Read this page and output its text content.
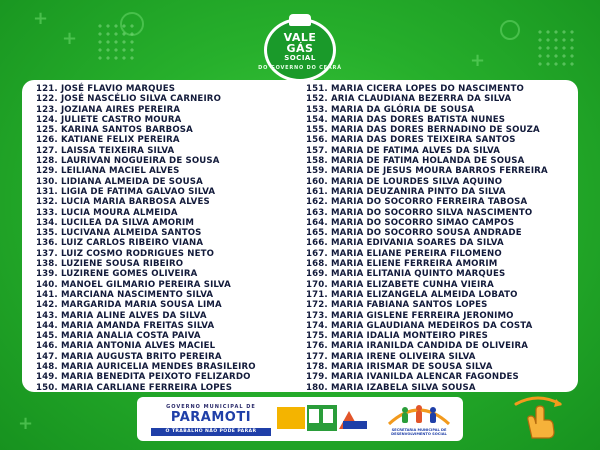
+
+
+
+
VALE
GÁS
SOCIAL
DO GOVERNO DO CEARÁ
121. JOSÉ FLAVIO MARQUES
122. JOSÉ NASCÉLIO SILVA CARNEIRO
123. JOZIANA AIRES PEREIRA
124. JULIETE CASTRO MOURA
125. KARINA SANTOS BARBOSA
126. KATIANE FELIX PEREIRA
127. LAISSA TEIXEIRA SILVA
128. LAURIVAN NOGUEIRA DE SOUSA
129. LEILIANA MACIEL ALVES
130. LIDIANA ALMEIDA DE SOUSA
131. LIGIA DE FATIMA GALVAO SILVA
132. LUCIA MARIA BARBOSA ALVES
133. LUCIA MOURA ALMEIDA
134. LUCILEA DA SILVA AMORIM
135. LUCIVANA ALMEIDA SANTOS
136. LUIZ CARLOS RIBEIRO VIANA
137. LUIZ COSMO RODRIGUES NETO
138. LUZIENE SOUSA RIBEIRO
139. LUZIRENE GOMES OLIVEIRA
140. MANOEL GILMARIO PEREIRA SILVA
141. MARCIANA NASCIMENTO SILVA
142. MARGARIDA MARIA SOUSA LIMA
143. MARIA ALINE ALVES DA SILVA
144. MARIA AMANDA FREITAS SILVA
145. MARIA ANALIA COSTA PAIVA
146. MARIA ANTONIA ALVES MACIEL
147. MARIA AUGUSTA BRITO PEREIRA
148. MARIA AURICELIA MENDES BRASILEIRO
149. MARIA BENEDITA PEIXOTO FELIZARDO
150. MARIA CARLIANE FERREIRA LOPES
151. MARIA CICERA LOPES DO NASCIMENTO
152. ARIA CLAUDIANA BEZERRA DA SILVA
153. MARIA DA GLÓRIA DE SOUSA
154. MARIA DAS DORES BATISTA NUNES
155. MARIA DAS DORES BERNADINO DE SOUZA
156. MARIA DAS DORES TEIXEIRA SANTOS
157. MARIA DE FATIMA ALVES DA SILVA
158. MARIA DE FATIMA HOLANDA DE SOUSA
159. MARIA DE JESUS MOURA BARROS FERREIRA
160. MARIA DE LOURDES SILVA AQUINO
161. MARIA DEUZANIRA PINTO DA SILVA
162. MARIA DO SOCORRO FERREIRA TABOSA
163. MARIA DO SOCORRO SILVA NASCIMENTO
164. MARIA DO SOCORRO SIMAO CAMPOS
165. MARIA DO SOCORRO SOUSA ANDRADE
166. MARIA EDIVANIA SOARES DA SILVA
167. MARIA ELIANE PEREIRA FILOMENO
168. MARIA ELIENE FERREIRA AMORIM
169. MARIA ELITANIA QUINTO MARQUES
170. MARIA ELIZABETE CUNHA VIEIRA
171. MARIA ELIZANGELA ALMEIDA LOBATO
172. MARIA FABIANA SANTOS LOPES
173. MARIA GISLENE FERREIRA JERONIMO
174. MARIA GLAUDIANA MEDEIROS DA COSTA
175. MARIA IDALIA MONTEIRO PIRES
176. MARIA IRANILDA CANDIDA DE OLIVEIRA
177. MARIA IRENE OLIVEIRA SILVA
178. MARIA IRISMAR DE SOUSA SILVA
179. MARIA IVANILDA ALENCAR FAGONDES
180. MARIA IZABELA SILVA SOUSA
GOVERNO MUNICIPAL DE
PARAMOTI
O TRABALHO NÃO PODE PARAR	SECRETARIA MUNICIPAL DE DESENVOLVIMENTO SOCIAL
